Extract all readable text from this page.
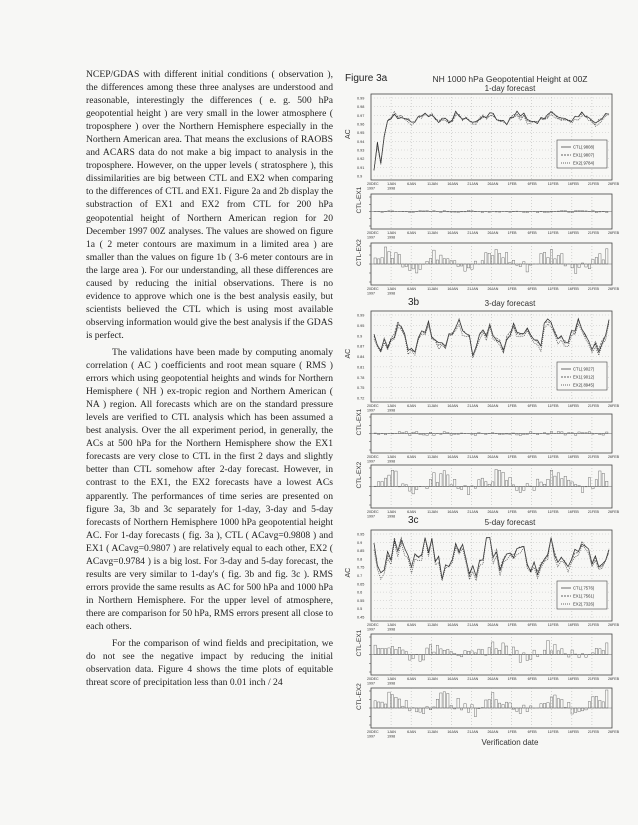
NCEP/GDAS with different initial conditions ( observation ), the differences among these three analyses are understood and reasonable, interestingly the differences ( e. g. 500 hPa geopotential height ) are very small in the lower atmosphere ( troposphere ) over the Northern Hemisphere especially in the Northern American area. That means the exclusions of RAOBS and ACARS data do not make a big impact to analysis in the troposphere. However, on the upper levels ( stratosphere ), this dissimilarities are big between CTL and EX2 when comparing to the differences of CTL and EX1. Figure 2a and 2b display the substraction of EX1 and EX2 from CTL for 200 hPa geopotential height of Northern American region for 20 December 1997 00Z analyses. The values are showed on figure 1a ( 2 meter contours are maximum in a limited area ) are smaller than the values on figure 1b ( 3-6 meter contours are in the large area ). For our understanding, all these differences are caused by reducing the initial observations. There is no evidence to approve which one is the best analysis easily, but scientists believed the CTL which is using most available observing information would give the best analysis if the GDAS is perfect.

The validations have been made by computing anomaly correlation ( AC ) coefficients and root mean square ( RMS ) errors which using geopotential heights and winds for Northern Hemisphere ( NH ) ex-tropic region and Northern American ( NA ) region. All forecasts which are on the standard pressure levels are verified to CTL analysis which has been assumed a best analysis. Over the all experiment period, in generally, the ACs at 500 hPa for the Northern Hemisphere show the EX1 forecasts are very close to CTL in the first 2 days and slightly better than CTL somehow after 2-day forecast. However, in contrast to the EX1, the EX2 forecasts have a lowest ACs apparently. The performances of time series are presented on figure 3a, 3b and 3c separately for 1-day, 3-day and 5-day forecasts of Northern Hemisphere 1000 hPa geopotential height AC. For 1-day forecasts ( fig. 3a ), CTL ( ACavg=0.9808 ) and EX1 ( ACavg=0.9807 ) are relatively equal to each other, EX2 ( ACavg=0.9784 ) is a big lost. For 3-day and 5-day forecast, the results are very similar to 1-day's ( fig. 3b and fig. 3c ). RMS errors provide the same results as AC for 500 hPa and 1000 hPa in Northern Hemisphere. For the upper level of atmosphere, there are comparison for 50 hPa, RMS errors present all close to each others.

For the comparison of wind fields and precipitation, we do not see the negative impact by reducing the initial observation data. Figure 4 shows the time plots of equitable threat score of precipitation less than 0.01 inch / 24

Figure 3a	NH 1000 hPa Geopotential Height at 00Z
1-day forecast
3b	3-day forecast
3c	5-day forecast
Verification date
AC
0.99
0.98
0.97
0.96
0.95
0.94
0.93
0.92
0.91
0.9
CTL(.9808)
EX1(.9807)
EX2(.9784)
20DEC
1997
1JAN
1998
6JAN	11JAN	16JAN	21JAN	26JAN	1FEB	6FEB	11FEB	16FEB	21FEB	26FEB
CTL-EX1
20DEC
1997
1JAN
1998
6JAN	11JAN	16JAN	21JAN	26JAN	1FEB	6FEB	11FEB	16FEB	21FEB	26FEB
CTL-EX2
20DEC
1997
1JAN
1998
6JAN	11JAN	16JAN	21JAN	26JAN	1FEB	6FEB	11FEB	16FEB	21FEB	26FEB
AC
0.99
0.95
0.9
0.87
0.84
0.81
0.78
0.75
0.72
CTL(.9027)
EX1(.9012)
EX2(.8945)
20DEC
1997
1JAN
1998
6JAN	11JAN	16JAN	21JAN	26JAN	1FEB	6FEB	11FEB	16FEB	21FEB	26FEB
CTL-EX1
20DEC
1997
1JAN
1998
6JAN	11JAN	16JAN	21JAN	26JAN	1FEB	6FEB	11FEB	16FEB	21FEB	26FEB
CTL-EX2
20DEC
1997
1JAN
1998
6JAN	11JAN	16JAN	21JAN	26JAN	1FEB	6FEB	11FEB	16FEB	21FEB	26FEB
AC
0.95
0.9
0.85
0.8
0.75
0.7
0.65
0.6
0.55
0.5
0.45
CTL(.7576)
EX1(.7561)
EX2(.7326)
20DEC
1997
1JAN
1998
6JAN	11JAN	16JAN	21JAN	26JAN	1FEB	6FEB	11FEB	16FEB	21FEB	26FEB
CTL-EX1
20DEC
1997
1JAN
1998
6JAN	11JAN	16JAN	21JAN	26JAN	1FEB	6FEB	11FEB	16FEB	21FEB	26FEB
CTL-EX2
20DEC
1997
1JAN
1998
6JAN	11JAN	16JAN	21JAN	26JAN	1FEB	6FEB	11FEB	16FEB	21FEB	26FEB
